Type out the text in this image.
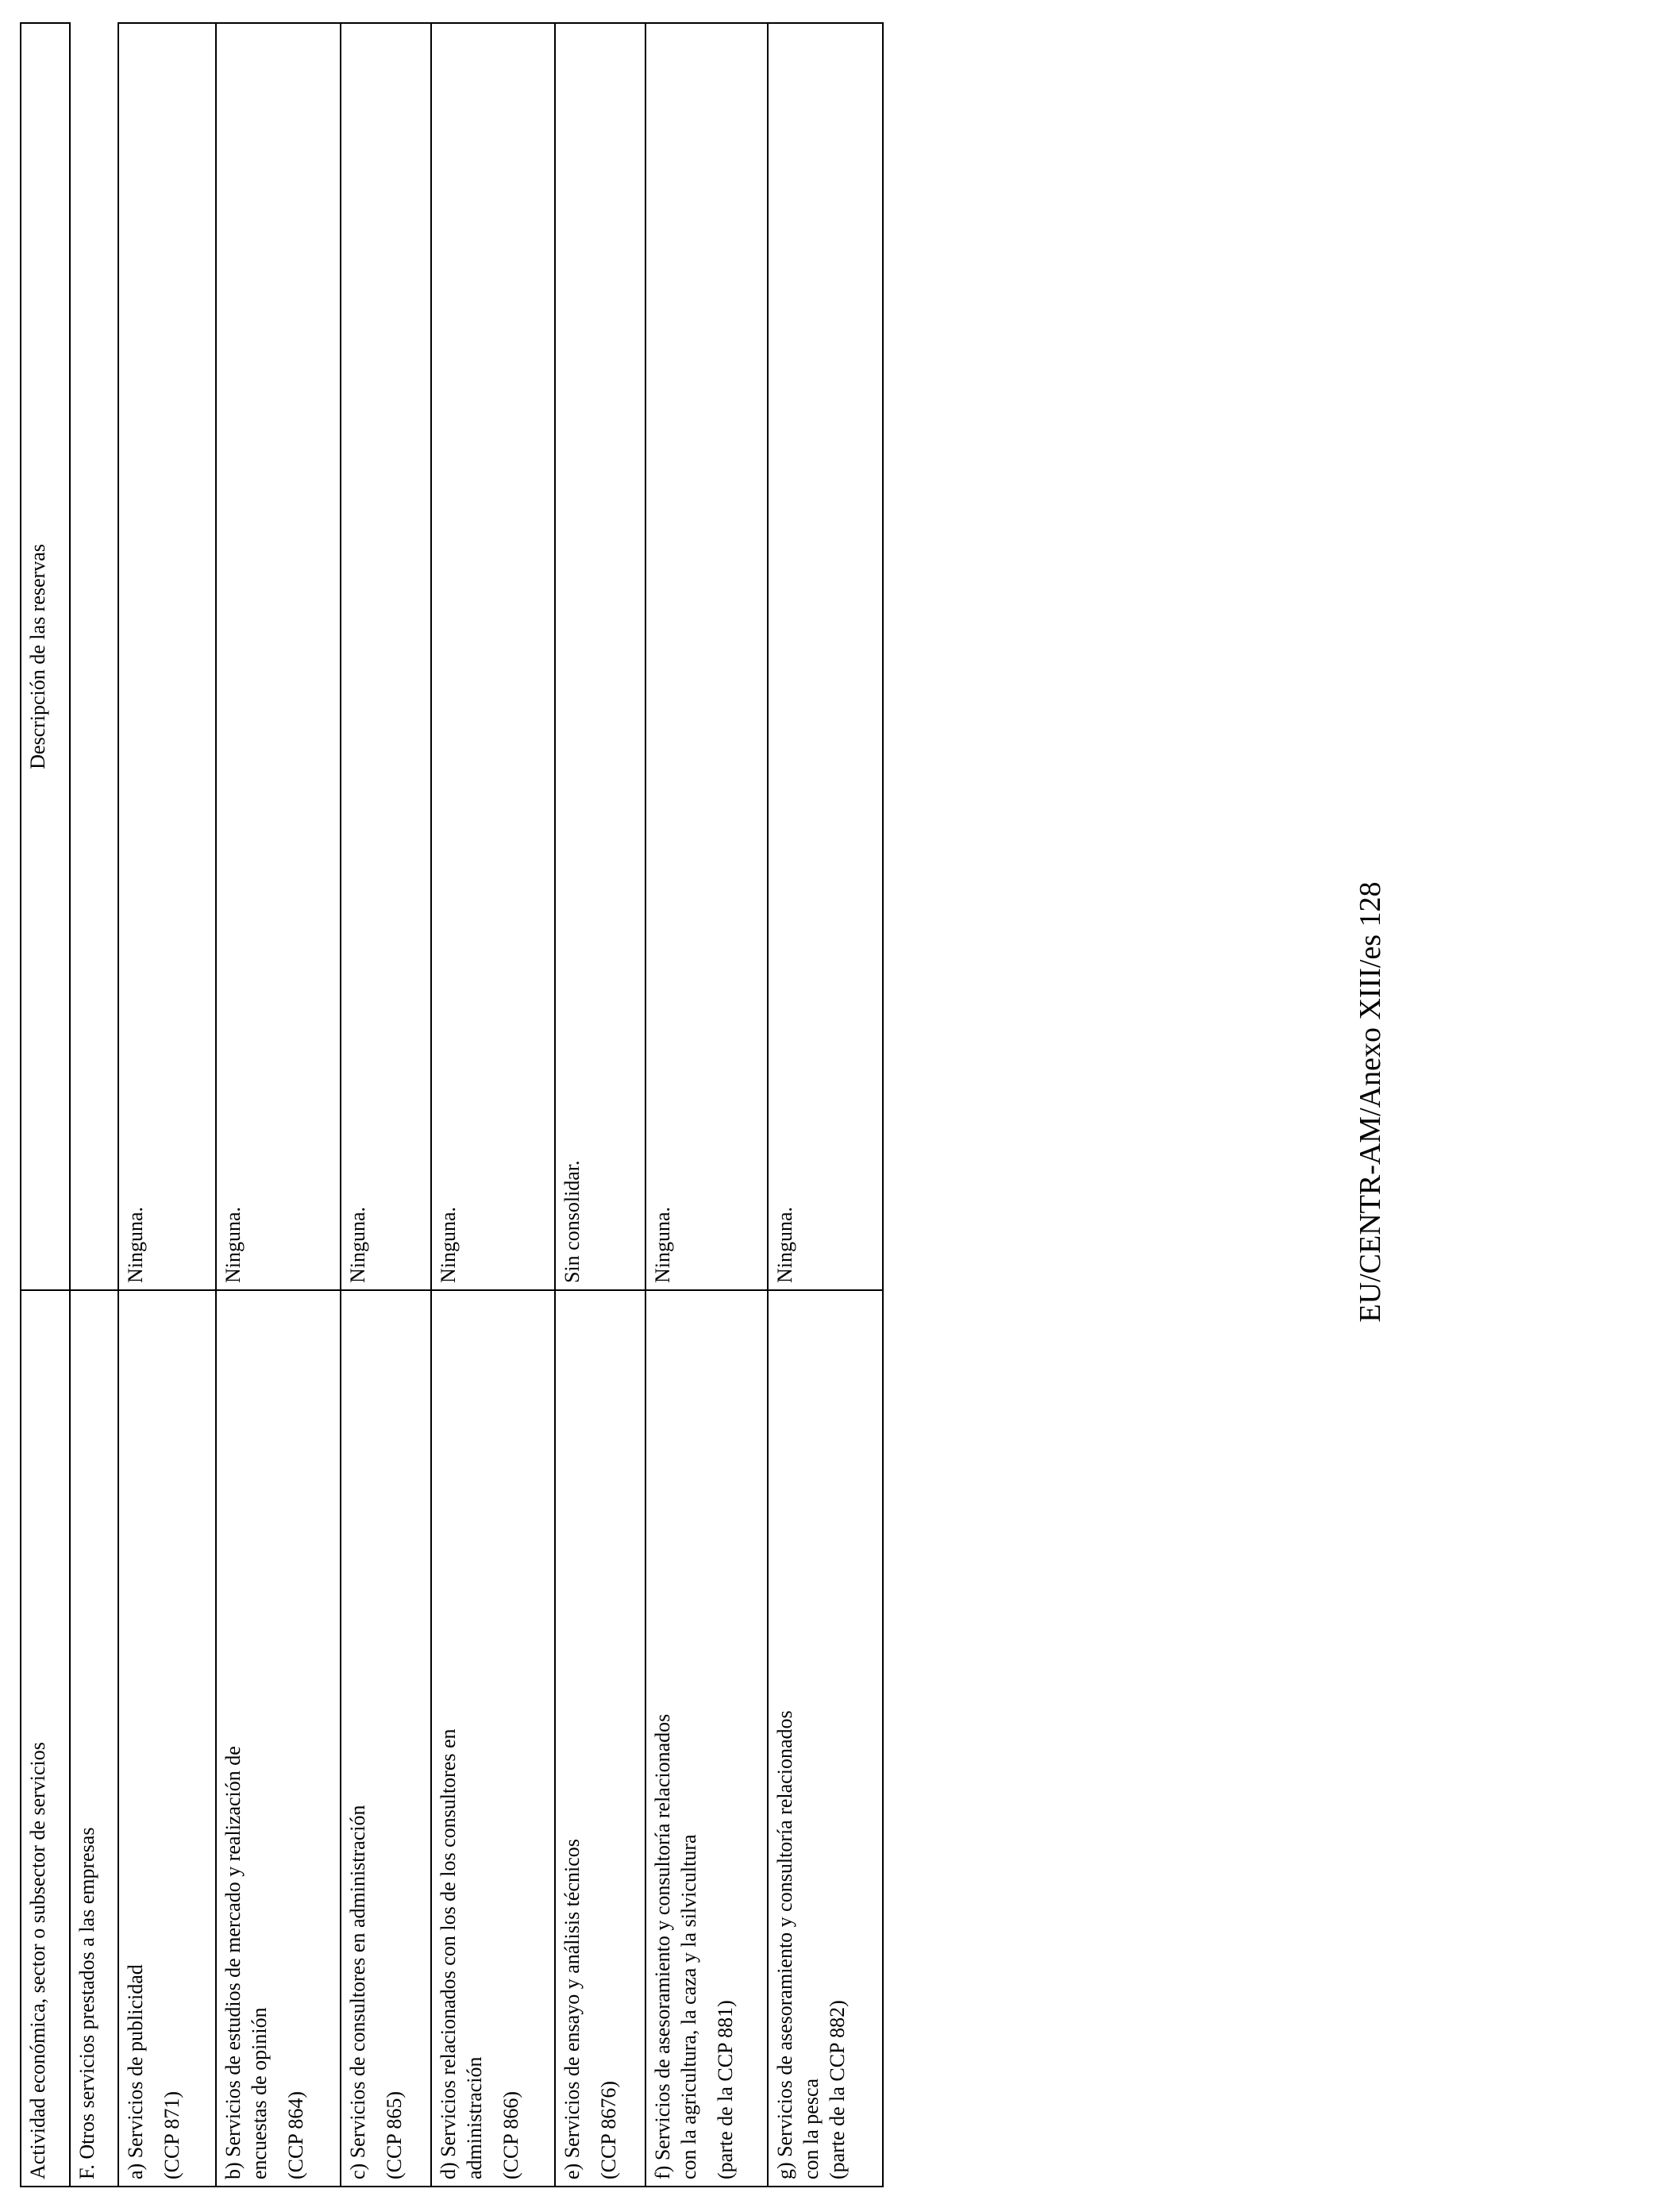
Actividad económica, sector o subsector de servicios	Descripción de las reservas
F. Otros servicios prestados a las empresas	

a) Servicios de publicidad (CCP 871)	Ninguna.

b) Servicios de estudios de mercado y realización de encuestas de opinión (CCP 864)	Ninguna.

c) Servicios de consultores en administración (CCP 865)	Ninguna.

d) Servicios relacionados con los de los consultores en administración (CCP 866)	Ninguna.

e) Servicios de ensayo y análisis técnicos (CCP 8676)	Sin consolidar.

f) Servicios de asesoramiento y consultoría relacionados con la agricultura, la caza y la silvicultura (parte de la CCP 881)	Ninguna.

g) Servicios de asesoramiento y consultoría relacionados con la pesca (parte de la CCP 882)	Ninguna.	EU/CENTR-AM/Anexo XIII/es 128
